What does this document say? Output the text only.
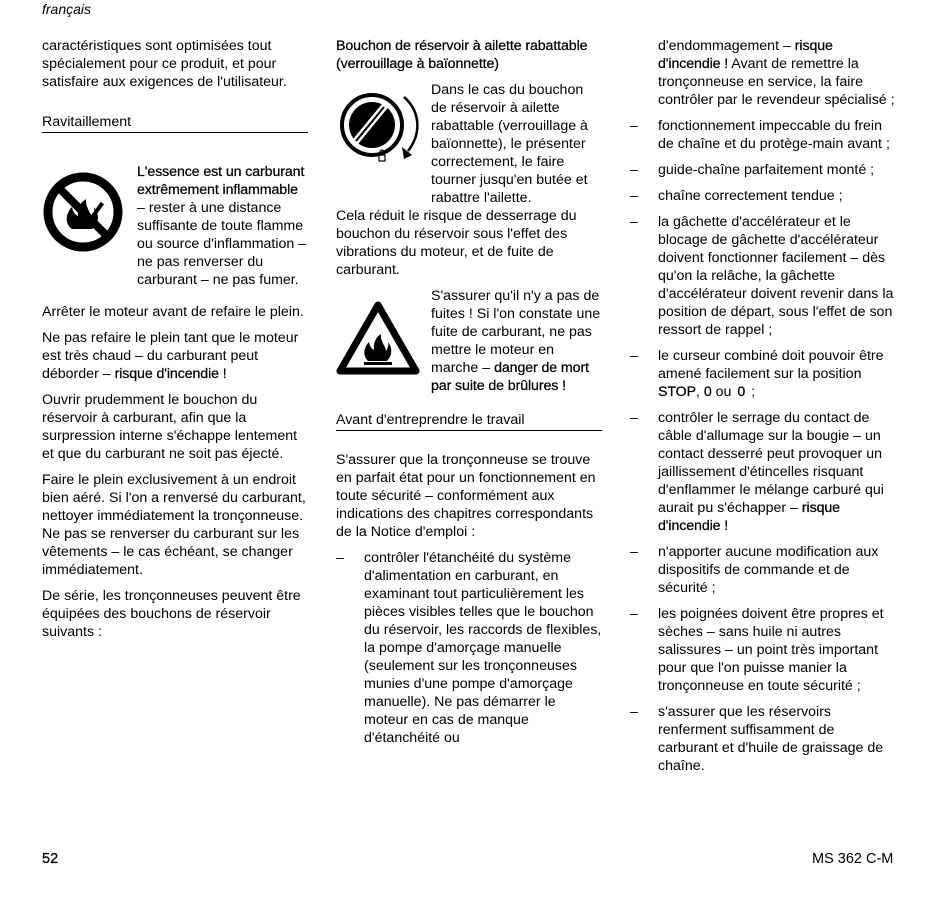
français

caractéristiques sont optimisées tout spécialement pour ce produit, et pour satisfaire aux exigences de l'utilisateur.

Ravitaillement
L'essence est un carburant extrêmement inflammable – rester à une distance suffisante de toute flamme ou source d'inflammation – ne pas renverser du carburant – ne pas fumer.

Arrêter le moteur avant de refaire le plein.

Ne pas refaire le plein tant que le moteur est très chaud – du carburant peut déborder – risque d'incendie !

Ouvrir prudemment le bouchon du réservoir à carburant, afin que la surpression interne s'échappe lentement et que du carburant ne soit pas éjecté.

Faire le plein exclusivement à un endroit bien aéré. Si l'on a renversé du carburant, nettoyer immédiatement la tronçonneuse. Ne pas se renverser du carburant sur les vêtements – le cas échéant, se changer immédiatement.

De série, les tronçonneuses peuvent être équipées des bouchons de réservoir suivants :

Bouchon de réservoir à ailette rabattable (verrouillage à baïonnette)
Dans le cas du bouchon de réservoir à ailette rabattable (verrouillage à baïonnette), le présenter correctement, le faire tourner jusqu'en butée et rabattre l'ailette.

Cela réduit le risque de desserrage du bouchon du réservoir sous l'effet des vibrations du moteur, et de fuite de carburant.

S'assurer qu'il n'y a pas de fuites ! Si l'on constate une fuite de carburant, ne pas mettre le moteur en marche – danger de mort par suite de brûlures !
Avant d'entreprendre le travail

S'assurer que la tronçonneuse se trouve en parfait état pour un fonctionnement en toute sécurité – conformément aux indications des chapitres correspondants de la Notice d'emploi :

– contrôler l'étanchéité du système d'alimentation en carburant, en examinant tout particulièrement les pièces visibles telles que le bouchon du réservoir, les raccords de flexibles, la pompe d'amorçage manuelle (seulement sur les tronçonneuses munies d'une pompe d'amorçage manuelle). Ne pas démarrer le moteur en cas de manque d'étanchéité ou
d'endommagement – risque d'incendie ! Avant de remettre la tronçonneuse en service, la faire contrôler par le revendeur spécialisé ;
– fonctionnement impeccable du frein de chaîne et du protège-main avant ;
– guide-chaîne parfaitement monté ;
– chaîne correctement tendue ;
– la gâchette d'accélérateur et le blocage de gâchette d'accélérateur doivent fonctionner facilement – dès qu'on la relâche, la gâchette d'accélérateur doivent revenir dans la position de départ, sous l'effet de son ressort de rappel ;
– le curseur combiné doit pouvoir être amené facilement sur la position STOP, 0 ou 0 ;
– contrôler le serrage du contact de câble d'allumage sur la bougie – un contact desserré peut provoquer un jaillissement d'étincelles risquant d'enflammer le mélange carburé qui aurait pu s'échapper – risque d'incendie !
– n'apporter aucune modification aux dispositifs de commande et de sécurité ;
– les poignées doivent être propres et sèches – sans huile ni autres salissures – un point très important pour que l'on puisse manier la tronçonneuse en toute sécurité ;
– s'assurer que les réservoirs renferment suffisamment de carburant et d'huile de graissage de chaîne.
52	MS 362 C-M
